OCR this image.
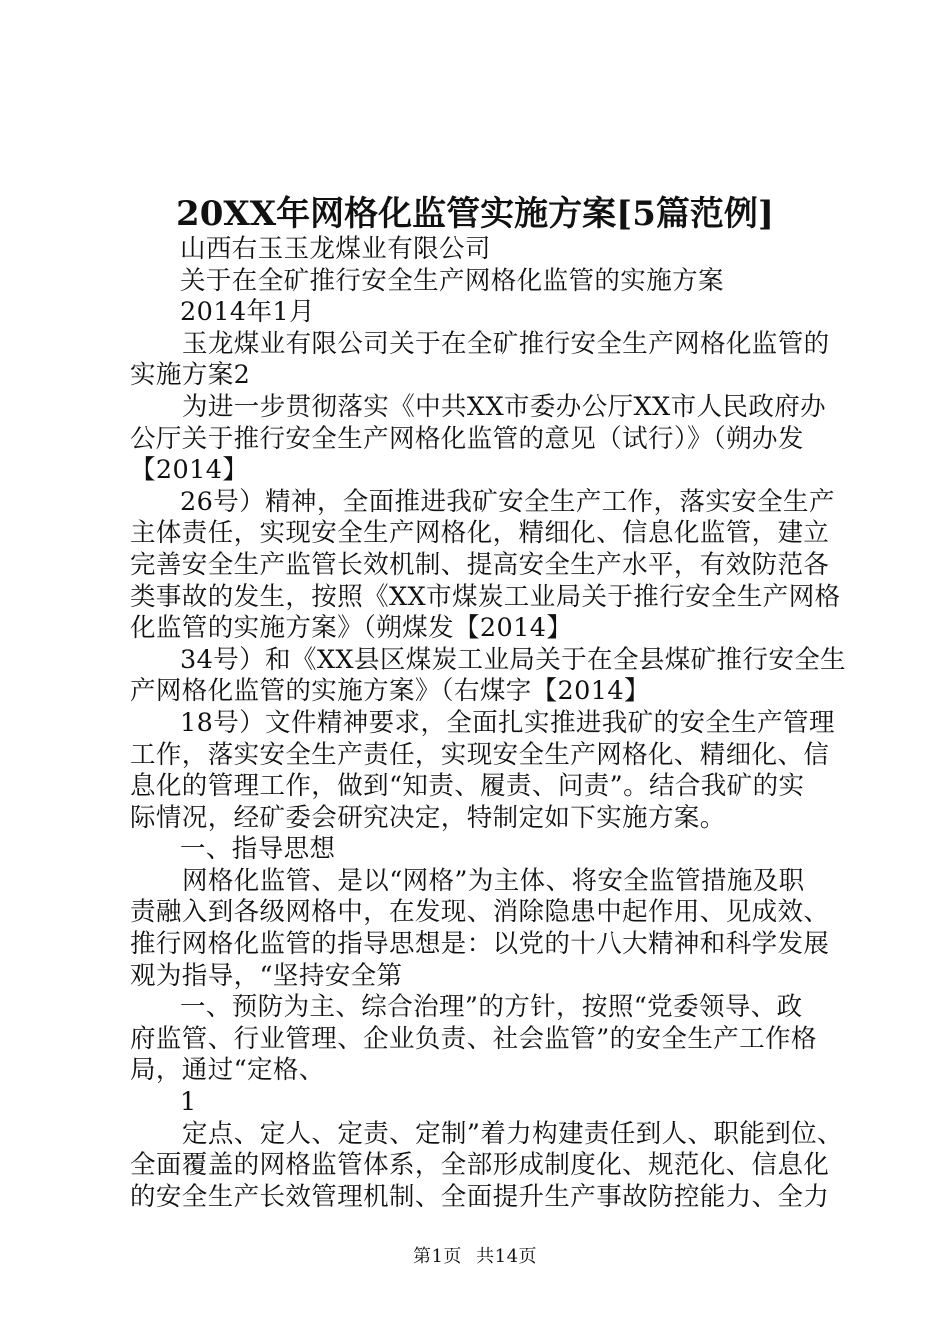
20XX年网格化监管实施方案[5篇范例]

山西右玉玉龙煤业有限公司

关于在全矿推行安全生产网格化监管的实施方案

2014年1月

玉龙煤业有限公司关于在全矿推行安全生产网格化监管的

实施方案2

为进一步贯彻落实《中共XX市委办公厅XX市人民政府办

公厅关于推行安全生产网格化监管的意见（试行）》（朔办发

【2014】

26号）精神，全面推进我矿安全生产工作，落实安全生产

主体责任，实现安全生产网格化，精细化、信息化监管，建立

完善安全生产监管长效机制、提高安全生产水平，有效防范各

类事故的发生，按照《XX市煤炭工业局关于推行安全生产网格

化监管的实施方案》（朔煤发【2014】

34号）和《XX县区煤炭工业局关于在全县煤矿推行安全生

产网格化监管的实施方案》（右煤字【2014】

18号）文件精神要求，全面扎实推进我矿的安全生产管理

工作，落实安全生产责任，实现安全生产网格化、精细化、信

息化的管理工作，做到“知责、履责、问责”。结合我矿的实

际情况，经矿委会研究决定，特制定如下实施方案。

一、指导思想

网格化监管、是以“网格”为主体、将安全监管措施及职

责融入到各级网格中，在发现、消除隐患中起作用、见成效、

推行网格化监管的指导思想是：以党的十八大精神和科学发展

观为指导，“坚持安全第

一、预防为主、综合治理”的方针，按照“党委领导、政

府监管、行业管理、企业负责、社会监管”的安全生产工作格

局，通过“定格、

1

定点、定人、定责、定制”着力构建责任到人、职能到位、

全面覆盖的网格监管体系，全部形成制度化、规范化、信息化

的安全生产长效管理机制、全面提升生产事故防控能力、全力

第1页 共14页
